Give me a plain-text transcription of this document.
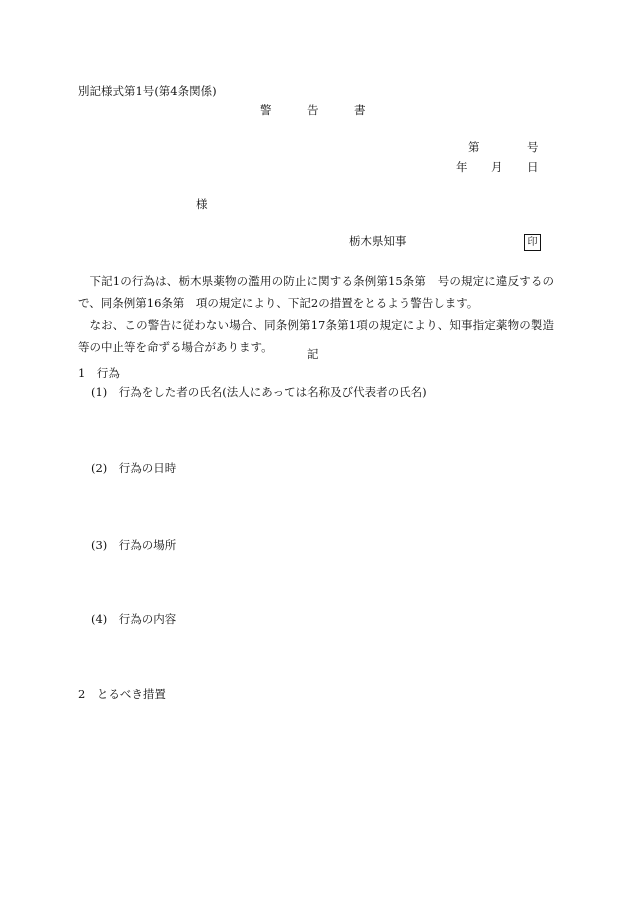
別記様式第1号(第4条関係)
警	告	書
第	号
年 月 日
様
栃木県知事	印
下記1の行為は、栃木県薬物の濫用の防止に関する条例第15条第　号の規定に違反するので、同条例第16条第　項の規定により、下記2の措置をとるよう警告します。
なお、この警告に従わない場合、同条例第17条第1項の規定により、知事指定薬物の製造等の中止等を命ずる場合があります。	記
1　行為
(1)　行為をした者の氏名(法人にあっては名称及び代表者の氏名)
(2)　行為の日時
(3)　行為の場所
(4)　行為の内容
2　とるべき措置
